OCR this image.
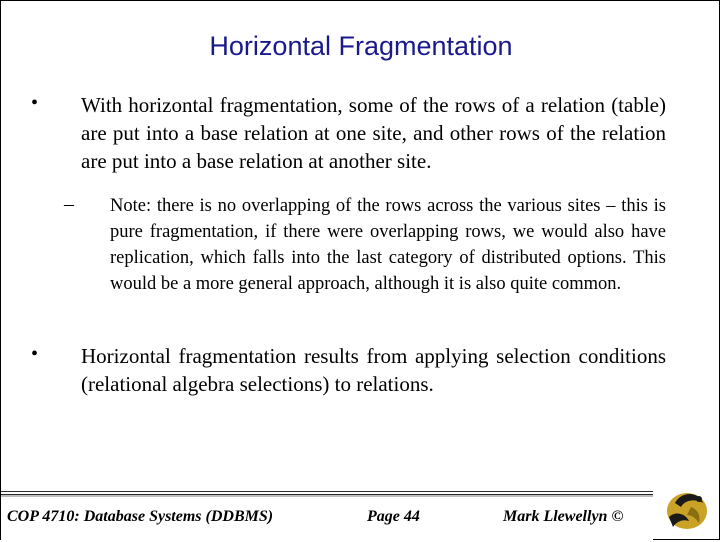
Horizontal Fragmentation
• With horizontal fragmentation, some of the rows of a relation (table) are put into a base relation at one site, and other rows of the relation are put into a base relation at another site.
– Note: there is no overlapping of the rows across the various sites – this is pure fragmentation, if there were overlapping rows, we would also have replication, which falls into the last category of distributed options. This would be a more general approach, although it is also quite common.
• Horizontal fragmentation results from applying selection conditions (relational algebra selections) to relations.
COP 4710: Database Systems (DDBMS)	Page 44	Mark Llewellyn ©
